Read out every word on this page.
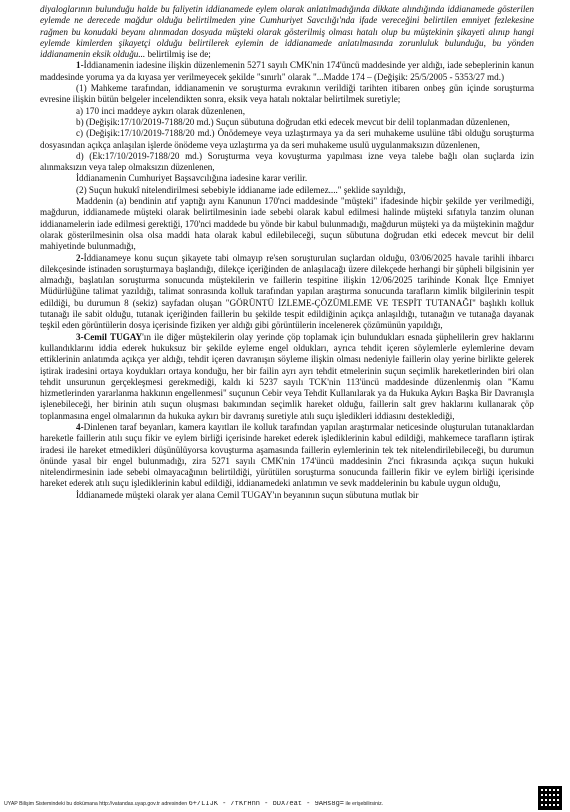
diyaloglarının bulunduğu halde bu faliyetin iddianamede eylem olarak anlatılmadığında dikkate alındığında iddianamede gösterilen eylemde ne derecede mağdur olduğu belirtilmeden yine Cumhuriyet Savcılığı'nda ifade vereceğini belirtilen emniyet fezlekesine rağmen bu konudaki beyanı alınmadan dosyada müşteki olarak gösterilmiş olması hatalı olup bu müştekinin şikayeti alınıp hangi eylemde kimlerden şikayetçi olduğu belirtilerek eylemin de iddianamede anlatılmasında zorunluluk bulunduğu, bu yönden iddianamenin eksik olduğu... belirtilmiş ise de;

1-İddianamenin iadesine ilişkin düzenlemenin 5271 sayılı CMK'nin 174'üncü maddesinde yer aldığı, iade sebeplerinin kanun maddesinde yoruma ya da kıyasa yer verilmeyecek şekilde "sınırlı" olarak "...Madde 174 – (Değişik: 25/5/2005 - 5353/27 md.)

(1) Mahkeme tarafından, iddianamenin ve soruşturma evrakının verildiği tarihten itibaren onbeş gün içinde soruşturma evresine ilişkin bütün belgeler incelendikten sonra, eksik veya hatalı noktalar belirtilmek suretiyle;

a) 170 inci maddeye aykırı olarak düzenlenen,

b) (Değişik:17/10/2019-7188/20 md.) Suçun sübutuna doğrudan etki edecek mevcut bir delil toplanmadan düzenlenen,

c) (Değişik:17/10/2019-7188/20 md.) Önödemeye veya uzlaştırmaya ya da seri muhakeme usulüne tâbi olduğu soruşturma dosyasından açıkça anlaşılan işlerde önödeme veya uzlaştırma ya da seri muhakeme usulü uygulanmaksızın düzenlenen,

d) (Ek:17/10/2019-7188/20 md.) Soruşturma veya kovuşturma yapılması izne veya talebe bağlı olan suçlarda izin alınmaksızın veya talep olmaksızın düzenlenen,

İddianamenin Cumhuriyet Başsavcılığına iadesine karar verilir.

(2) Suçun hukukî nitelendirilmesi sebebiyle iddianame iade edilemez...." şeklide sayıldığı,

Maddenin (a) bendinin atıf yaptığı aynı Kanunun 170'nci maddesinde "müşteki" ifadesinde hiçbir şekilde yer verilmediği, mağdurun, iddianamede müşteki olarak belirtilmesinin iade sebebi olarak kabul edilmesi halinde müşteki sıfatıyla tanzim olunan iddianamelerin iade edilmesi gerektiği, 170'nci maddede bu yönde bir kabul bulunmadığı, mağdurun müşteki ya da müştekinin mağdur olarak gösterilmesinin olsa olsa maddi hata olarak kabul edilebileceği, suçun sübutuna doğrudan etki edecek mevcut bir delil mahiyetinde bulunmadığı,

2-İddianameye konu suçun şikayete tabi olmayıp re'sen soruşturulan suçlardan olduğu, 03/06/2025 havale tarihli ihbarcı dilekçesinde istinaden soruşturmaya başlandığı, dilekçe içeriğinden de anlaşılacağı üzere dilekçede herhangi bir şüpheli bilgisinin yer almadığı, başlatılan soruşturma sonucunda müştekilerin ve faillerin tespitine ilişkin 12/06/2025 tarihinde Konak İlçe Emniyet Müdürlüğüne talimat yazıldığı, talimat sonrasında kolluk tarafından yapılan araştırma sonucunda tarafların kimlik bilgilerinin tespit edildiği, bu durumun 8 (sekiz) sayfadan oluşan "GÖRÜNTÜ İZLEME-ÇÖZÜMLEME VE TESPİT TUTANAĞI" başlıklı kolluk tutanağı ile sabit olduğu, tutanak içeriğinden faillerin bu şekilde tespit edildiğinin açıkça anlaşıldığı, tutanağın ve tutanağa dayanak teşkil eden görüntülerin dosya içerisinde fiziken yer aldığı gibi görüntülerin incelenerek çözümünün yapıldığı,

3-Cemil TUGAY'ın ile diğer müştekilerin olay yerinde çöp toplamak için bulundukları esnada şüphelilerin grev haklarını kullandıklarını iddia ederek hukuksuz bir şekilde eyleme engel oldukları, ayrıca tehdit içeren söylemlerle eylemlerine devam ettiklerinin anlatımda açıkça yer aldığı, tehdit içeren davranışın söyleme ilişkin olması nedeniyle faillerin olay yerine birlikte gelerek iştirak iradesini ortaya koydukları ortaya konduğu, her bir failin ayrı ayrı tehdit etmelerinin suçun seçimlik hareketlerinden biri olan tehdit unsurunun gerçekleşmesi gerekmediği, kaldı ki 5237 sayılı TCK'nin 113'üncü maddesinde düzenlenmiş olan "Kamu hizmetlerinden yararlanma hakkının engellenmesi" suçunun Cebir veya Tehdit Kullanılarak ya da Hukuka Aykırı Başka Bir Davranışla işlenebileceği, her birinin atılı suçun oluşması bakımından seçimlik hareket olduğu, faillerin salt grev haklarını kullanarak çöp toplanmasına engel olmalarının da hukuka aykırı bir davranış suretiyle atılı suçu işledikleri iddiasını desteklediği,

4-Dinlenen taraf beyanları, kamera kayıtları ile kolluk tarafından yapılan araştırmalar neticesinde oluşturulan tutanaklardan hareketle faillerin atılı suçu fikir ve eylem birliği içerisinde hareket ederek işlediklerinin kabul edildiği, mahkemece tarafların iştirak iradesi ile hareket etmedikleri düşünülüyorsa kovuşturma aşamasında faillerin eylemlerinin tek tek nitelendirilebileceği, bu durumun önünde yasal bir engel bulunmadığı, zira 5271 sayılı CMK'nin 174'üncü maddesinin 2'nci fıkrasında açıkça suçun hukuki nitelendirmesinin iade sebebi olmayacağının belirtildiği, yürütülen soruşturma sonucunda faillerin fikir ve eylem birliği içerisinde hareket ederek atılı suçu işlediklerinin kabul edildiği, iddianamedeki anlatımın ve sevk maddelerinin bu kabule uygun olduğu,

İddianamede müşteki olarak yer alana Cemil TUGAY'ın beyanının suçun sübutuna mutlak bir

UYAP Bilişim Sistemindeki bu dokümana http://vatandas.uyap.gov.tr adresinden 6+/LIJK - /fKrHnn - bDX7eat - 9AHs8g= ile erişebilirsiniz.
